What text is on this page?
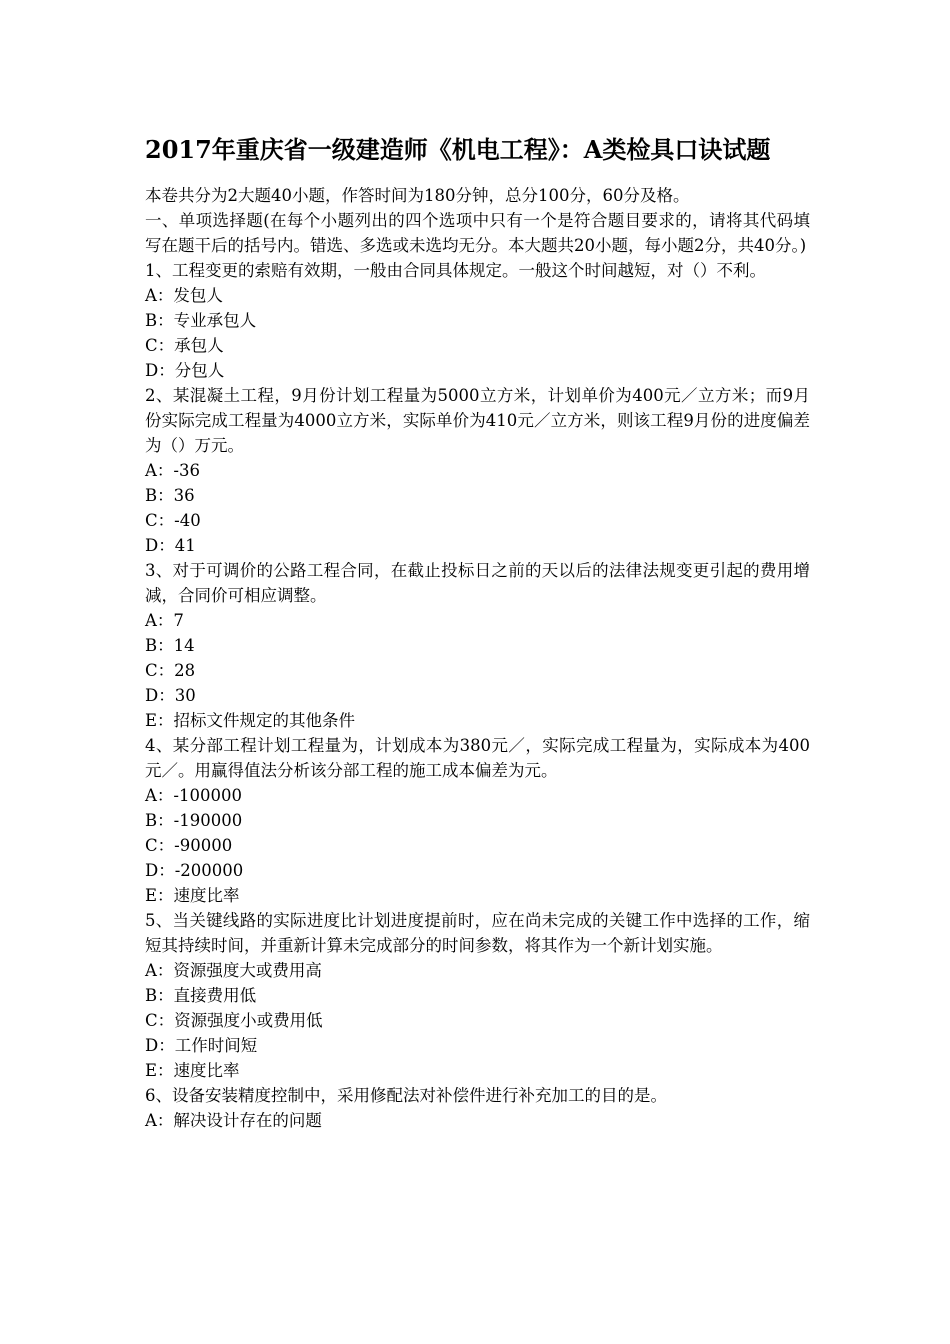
2017年重庆省一级建造师《机电工程》：A类检具口诀试题

本卷共分为2大题40小题，作答时间为180分钟，总分100分，60分及格。

一、单项选择题(在每个小题列出的四个选项中只有一个是符合题目要求的，请将其代码填写在题干后的括号内。错选、多选或未选均无分。本大题共20小题，每小题2分，共40分。)

1、工程变更的索赔有效期，一般由合同具体规定。一般这个时间越短，对（）不利。

A：发包人

B：专业承包人

C：承包人

D：分包人

2、某混凝土工程，9月份计划工程量为5000立方米，计划单价为400元／立方米；而9月份实际完成工程量为4000立方米，实际单价为410元／立方米，则该工程9月份的进度偏差为（）万元。

A：-36

B：36

C：-40

D：41

3、对于可调价的公路工程合同，在截止投标日之前的天以后的法律法规变更引起的费用增减，合同价可相应调整。

A：7

B：14

C：28

D：30

E：招标文件规定的其他条件

4、某分部工程计划工程量为，计划成本为380元／，实际完成工程量为，实际成本为400元／。用赢得值法分析该分部工程的施工成本偏差为元。

A：-100000

B：-190000

C：-90000

D：-200000

E：速度比率

5、当关键线路的实际进度比计划进度提前时，应在尚未完成的关键工作中选择的工作，缩短其持续时间，并重新计算未完成部分的时间参数，将其作为一个新计划实施。

A：资源强度大或费用高

B：直接费用低

C：资源强度小或费用低

D：工作时间短

E：速度比率

6、设备安装精度控制中，采用修配法对补偿件进行补充加工的目的是。

A：解决设计存在的问题
